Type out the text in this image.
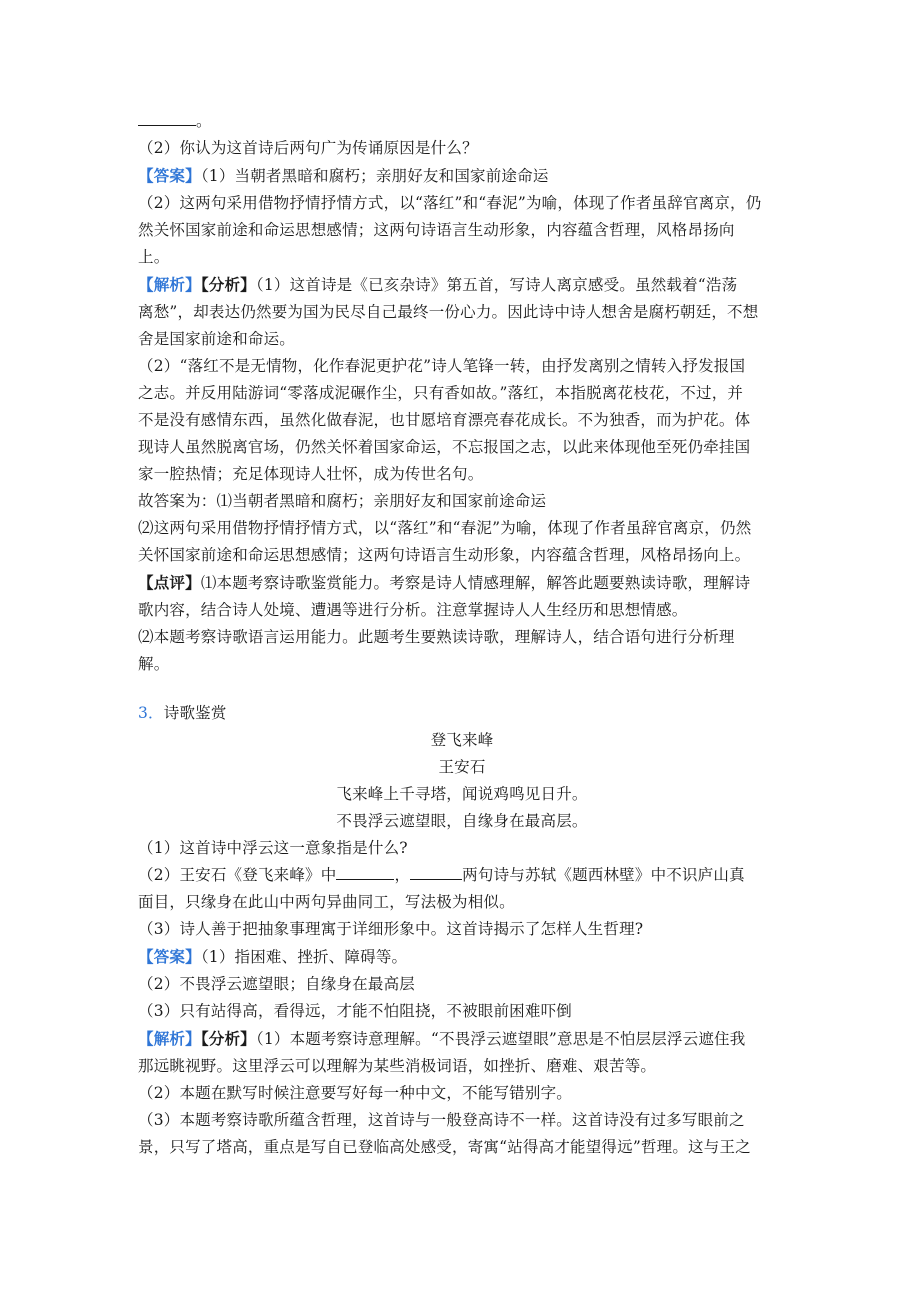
。
（2）你认为这首诗后两句广为传诵原因是什么？
【答案】（1）当朝者黑暗和腐朽；亲朋好友和国家前途命运
（2）这两句采用借物抒情抒情方式，以“落红”和“春泥”为喻，体现了作者虽辞官离京，仍
然关怀国家前途和命运思想感情；这两句诗语言生动形象，内容蕴含哲理，风格昂扬向
上。
【解析】【分析】（1）这首诗是《已亥杂诗》第五首，写诗人离京感受。虽然载着“浩荡
离愁”，却表达仍然要为国为民尽自己最终一份心力。因此诗中诗人想舍是腐朽朝廷，不想
舍是国家前途和命运。
（2）“落红不是无情物，化作春泥更护花”诗人笔锋一转，由抒发离别之情转入抒发报国
之志。并反用陆游词“零落成泥碾作尘，只有香如故。”落红，本指脱离花枝花，不过，并
不是没有感情东西，虽然化做春泥，也甘愿培育漂亮春花成长。不为独香，而为护花。体
现诗人虽然脱离官场，仍然关怀着国家命运，不忘报国之志，以此来体现他至死仍牵挂国
家一腔热情；充足体现诗人壮怀，成为传世名句。
故答案为：⑴当朝者黑暗和腐朽；亲朋好友和国家前途命运
⑵这两句采用借物抒情抒情方式，以“落红”和“春泥”为喻，体现了作者虽辞官离京，仍然
关怀国家前途和命运思想感情；这两句诗语言生动形象，内容蕴含哲理，风格昂扬向上。
【点评】⑴本题考察诗歌鉴赏能力。考察是诗人情感理解，解答此题要熟读诗歌，理解诗
歌内容，结合诗人处境、遭遇等进行分析。注意掌握诗人人生经历和思想情感。
⑵本题考察诗歌语言运用能力。此题考生要熟读诗歌，理解诗人，结合语句进行分析理
解。
3．诗歌鉴赏
登飞来峰
王安石
飞来峰上千寻塔，闻说鸡鸣见日升。
不畏浮云遮望眼，自缘身在最高层。
（1）这首诗中浮云这一意象指是什么?
（2）王安石《登飞来峰》中	，	两句诗与苏轼《题西林壁》中不识庐山真
面目，只缘身在此山中两句异曲同工，写法极为相似。
（3）诗人善于把抽象事理寓于详细形象中。这首诗揭示了怎样人生哲理?
【答案】（1）指困难、挫折、障碍等。
（2）不畏浮云遮望眼；自缘身在最高层
（3）只有站得高，看得远，才能不怕阻挠，不被眼前困难吓倒
【解析】【分析】（1）本题考察诗意理解。“不畏浮云遮望眼”意思是不怕层层浮云遮住我
那远眺视野。这里浮云可以理解为某些消极词语，如挫折、磨难、艰苦等。
（2）本题在默写时候注意要写好每一种中文，不能写错别字。
（3）本题考察诗歌所蕴含哲理，这首诗与一般登高诗不一样。这首诗没有过多写眼前之
景，只写了塔高，重点是写自已登临高处感受，寄寓“站得高才能望得远”哲理。这与王之
